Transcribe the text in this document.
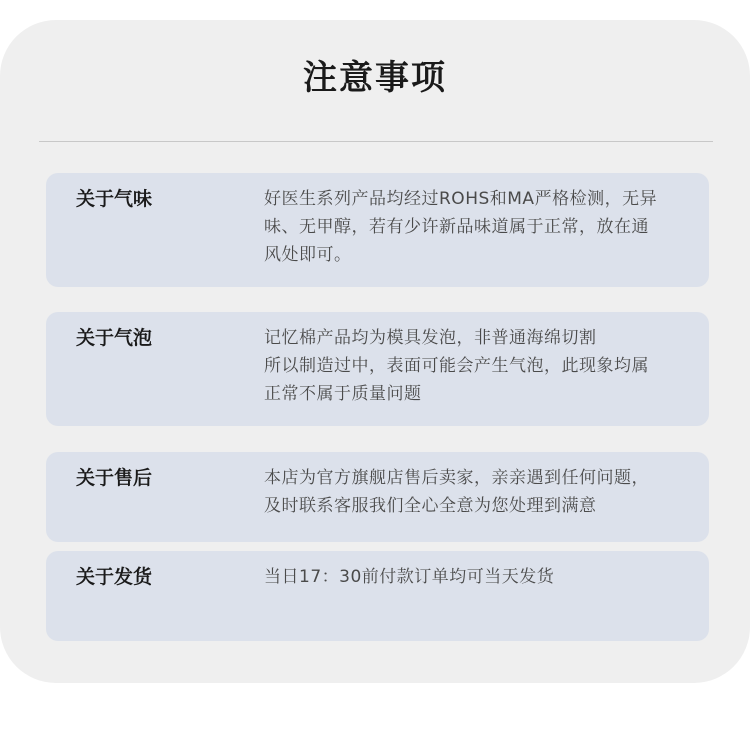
注意事项
关于气味	好医生系列产品均经过ROHS和MA严格检测，无异
味、无甲醇，若有少许新品味道属于正常，放在通
风处即可。
关于气泡	记忆棉产品均为模具发泡，非普通海绵切割
所以制造过中，表面可能会产生气泡，此现象均属
正常不属于质量问题
关于售后	本店为官方旗舰店售后卖家，亲亲遇到任何问题，
及时联系客服我们全心全意为您处理到满意
关于发货	当日17：30前付款订单均可当天发货
